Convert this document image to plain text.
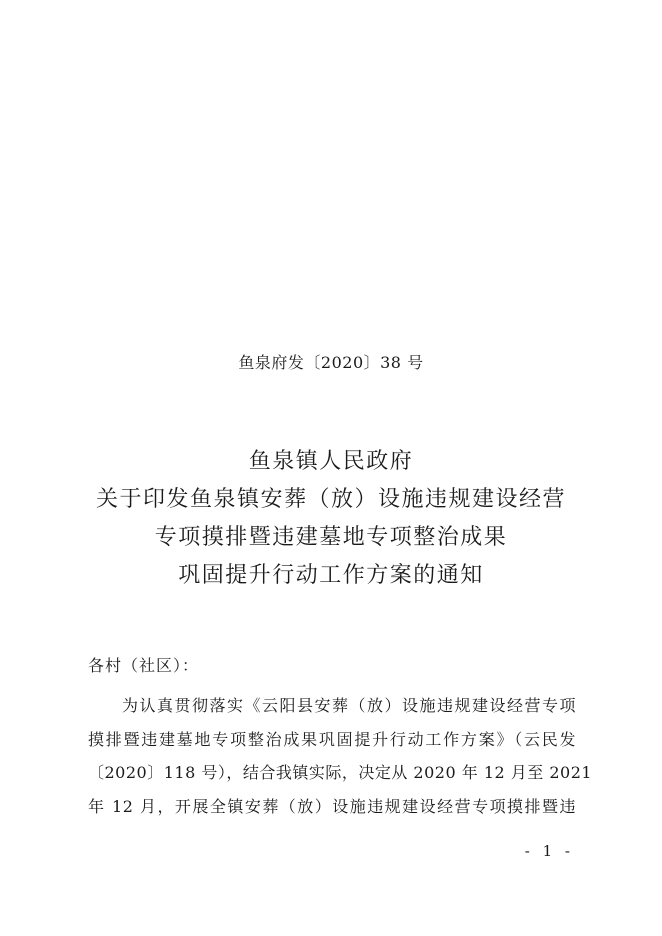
鱼泉府发〔2020〕38 号
鱼泉镇人民政府
关于印发鱼泉镇安葬（放）设施违规建设经营
专项摸排暨违建墓地专项整治成果
巩固提升行动工作方案的通知
各村（社区）：
为认真贯彻落实《云阳县安葬（放）设施违规建设经营专项
摸排暨违建墓地专项整治成果巩固提升行动工作方案》（云民发
〔2020〕118 号），结合我镇实际，决定从 2020 年 12 月至 2021
年 12 月，开展全镇安葬（放）设施违规建设经营专项摸排暨违
- 1 -
